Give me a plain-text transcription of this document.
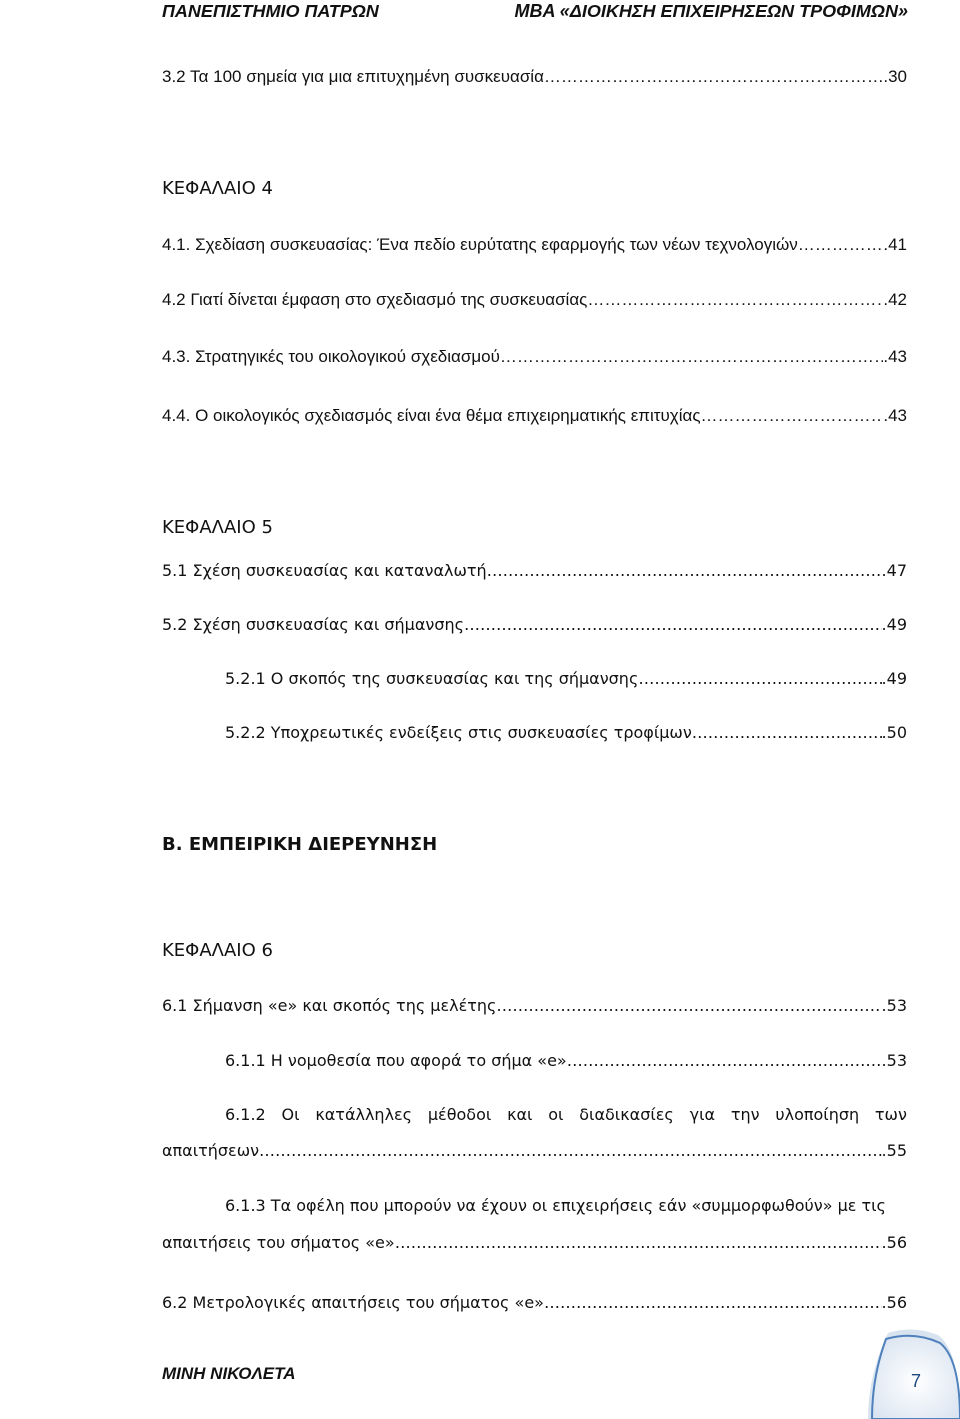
ΠΑΝΕΠΙΣΤΗΜΙΟ ΠΑΤΡΩΝ	MBA «ΔΙΟΙΚΗΣΗ ΕΠΙΧΕΙΡΗΣΕΩΝ ΤΡΟΦΙΜΩΝ»
3.2 Τα 100 σημεία για μια επιτυχημένη συσκευασία …………………………………………………………………………………………………………………………………………………………………………………………………………………………	.30
ΚΕΦΑΛΑΙΟ 4
4.1. Σχεδίαση συσκευασίας: Ένα πεδίο ευρύτατης εφαρμογής των νέων τεχνολογιών …………………………………………………………………………………………………………………………………………………………………………………………………………………………	.41
4.2 Γιατί δίνεται έμφαση στο σχεδιασμό της συσκευασίας …………………………………………………………………………………………………………………………………………………………………………………………………………………………	.42
4.3. Στρατηγικές του οικολογικού σχεδιασμού …………………………………………………………………………………………………………………………………………………………………………………………………………………………	.43
4.4. Ο οικολογικός σχεδιασμός είναι ένα θέμα επιχειρηματικής επιτυχίας …………………………………………………………………………………………………………………………………………………………………………………………………………………………	.43
ΚΕΦΑΛΑΙΟ 5
5.1 Σχέση συσκευασίας και καταναλωτή …………………………………………………………………………………………………………………………………………………………………………………………………………………………	.47
5.2 Σχέση συσκευασίας και σήμανσης …………………………………………………………………………………………………………………………………………………………………………………………………………………………	.49
5.2.1 Ο σκοπός της συσκευασίας και της σήμανσης …………………………………………………………………………………………………………………………………………………………………………………………………………………………	.49
5.2.2 Υποχρεωτικές ενδείξεις στις συσκευασίες τροφίμων …………………………………………………………………………………………………………………………………………………………………………………………………………………………	.50
Β. ΕΜΠΕΙΡΙΚΗ ΔΙΕΡΕΥΝΗΣΗ
ΚΕΦΑΛΑΙΟ 6
6.1 Σήμανση «e» και σκοπός της μελέτης …………………………………………………………………………………………………………………………………………………………………………………………………………………………	.53
6.1.1 Η νομοθεσία που αφορά το σήμα «e» …………………………………………………………………………………………………………………………………………………………………………………………………………………………	.53
6.1.2 Οι κατάλληλες μέθοδοι και οι διαδικασίες για την υλοποίηση των
απαιτήσεων …………………………………………………………………………………………………………………………………………………………………………………………………………………………	.55
6.1.3 Τα οφέλη που μπορούν να έχουν οι επιχειρήσεις εάν «συμμορφωθούν» με τις
απαιτήσεις του σήματος «e» …………………………………………………………………………………………………………………………………………………………………………………………………………………………	.56
6.2 Μετρολογικές απαιτήσεις του σήματος «e» …………………………………………………………………………………………………………………………………………………………………………………………………………………………	.56
ΜΙΝΗ ΝΙΚΟΛΕΤΑ	7
